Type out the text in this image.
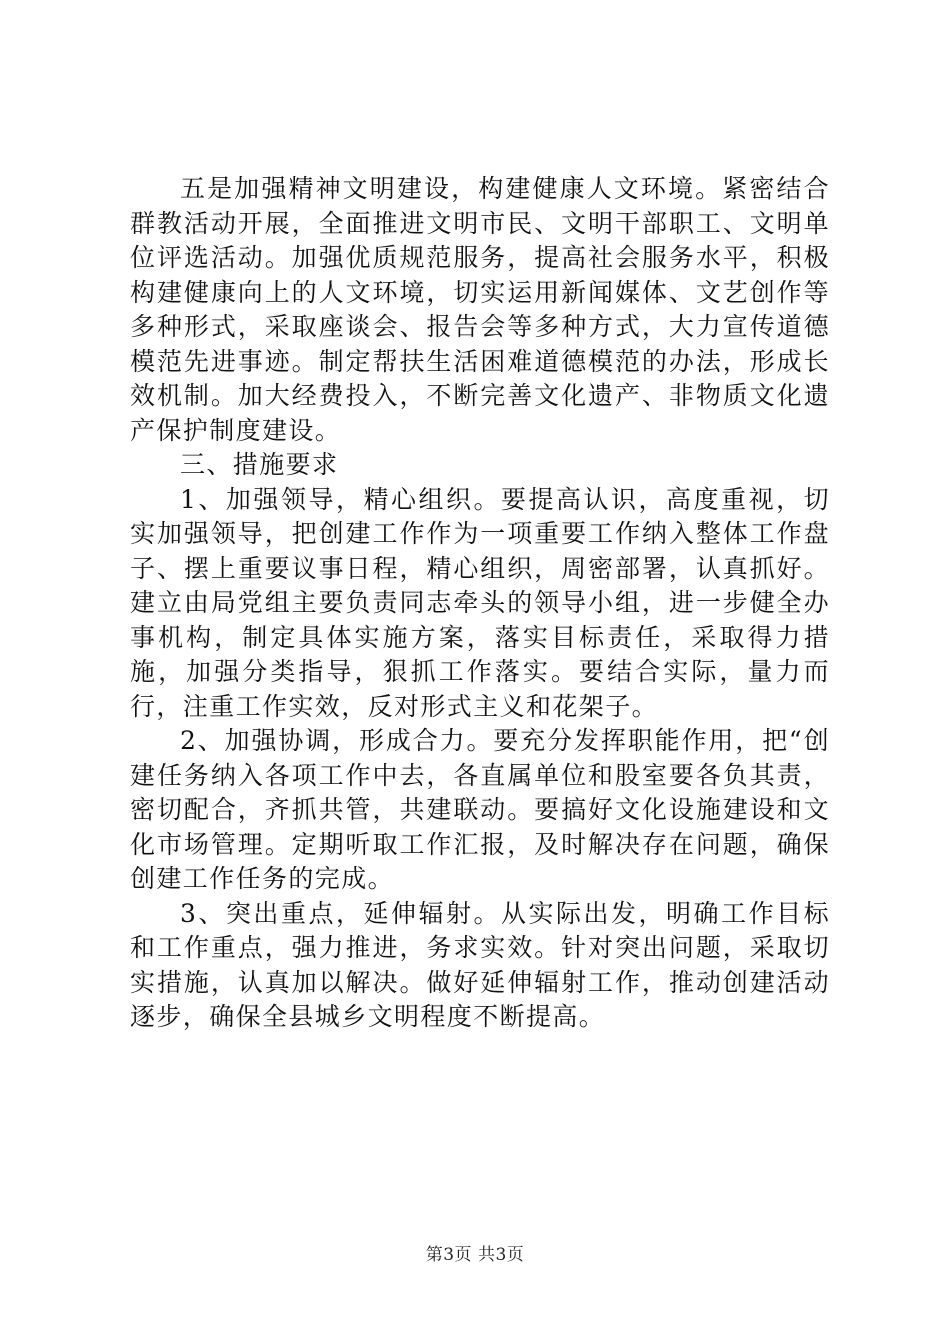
五是加强精神文明建设，构建健康人文环境。紧密结合群教活动开展，全面推进文明市民、文明干部职工、文明单位评选活动。加强优质规范服务，提高社会服务水平，积极构建健康向上的人文环境，切实运用新闻媒体、文艺创作等多种形式，采取座谈会、报告会等多种方式，大力宣传道德模范先进事迹。制定帮扶生活困难道德模范的办法，形成长效机制。加大经费投入，不断完善文化遗产、非物质文化遗产保护制度建设。

三、措施要求

1、加强领导，精心组织。要提高认识，高度重视，切实加强领导，把创建工作作为一项重要工作纳入整体工作盘子、摆上重要议事日程，精心组织，周密部署，认真抓好。建立由局党组主要负责同志牵头的领导小组，进一步健全办事机构，制定具体实施方案，落实目标责任，采取得力措施，加强分类指导，狠抓工作落实。要结合实际，量力而行，注重工作实效，反对形式主义和花架子。

2、加强协调，形成合力。要充分发挥职能作用，把“创建任务纳入各项工作中去，各直属单位和股室要各负其责，密切配合，齐抓共管，共建联动。要搞好文化设施建设和文化市场管理。定期听取工作汇报，及时解决存在问题，确保创建工作任务的完成。

3、突出重点，延伸辐射。从实际出发，明确工作目标和工作重点，强力推进，务求实效。针对突出问题，采取切实措施，认真加以解决。做好延伸辐射工作，推动创建活动逐步，确保全县城乡文明程度不断提高。

第3页 共3页
